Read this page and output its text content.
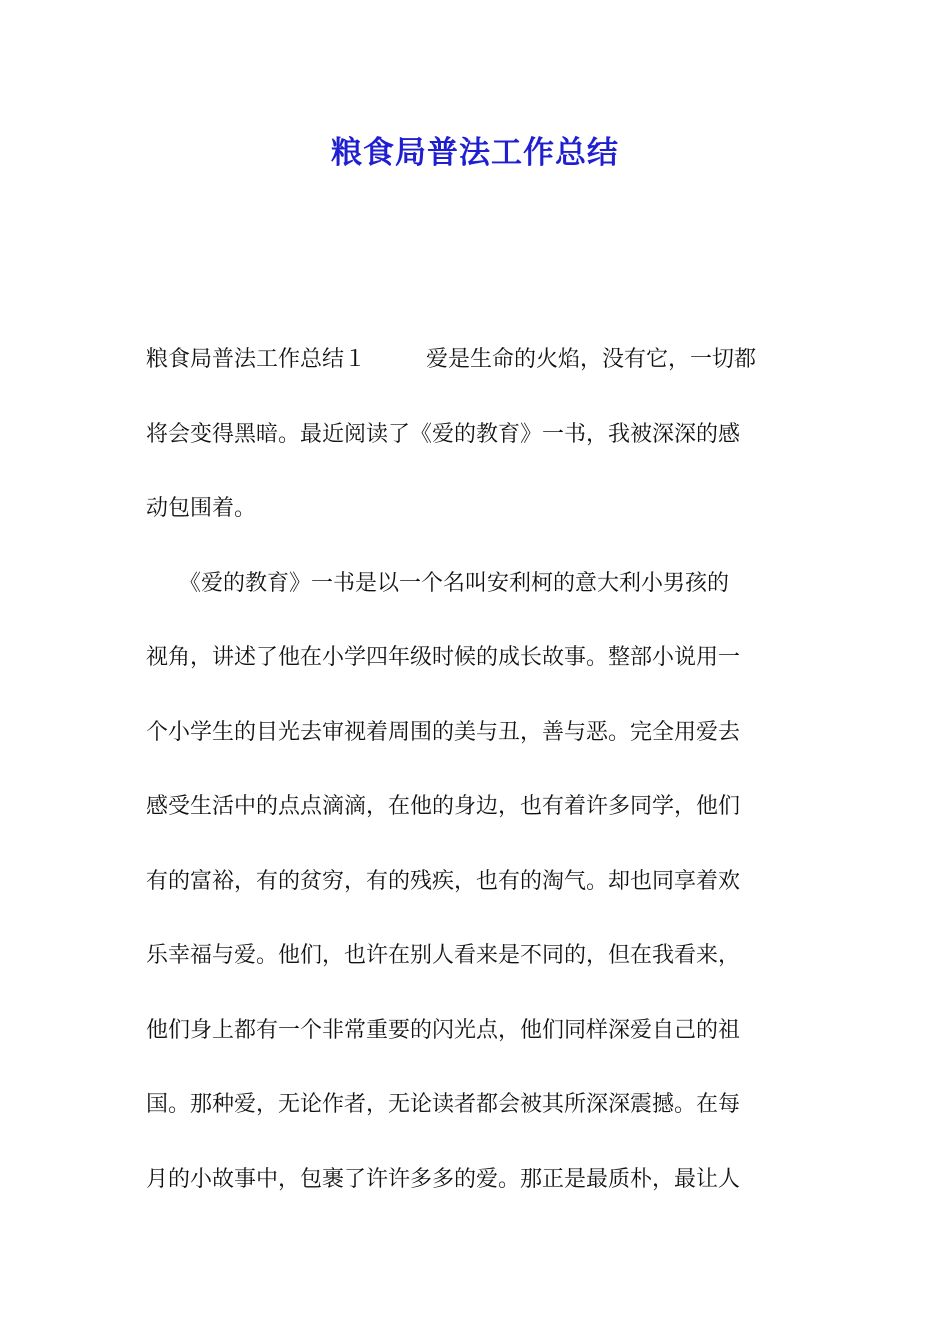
粮食局普法工作总结
粮食局普法工作总结１	爱是生命的火焰，没有它，一切都
将会变得黑暗。最近阅读了《爱的教育》一书，我被深深的感
动包围着。
　　《爱的教育》一书是以一个名叫安利柯的意大利小男孩的
视角，讲述了他在小学四年级时候的成长故事。整部小说用一
个小学生的目光去审视着周围的美与丑，善与恶。完全用爱去
感受生活中的点点滴滴，在他的身边，也有着许多同学，他们
有的富裕，有的贫穷，有的残疾，也有的淘气。却也同享着欢
乐幸福与爱。他们，也许在别人看来是不同的，但在我看来，
他们身上都有一个非常重要的闪光点，他们同样深爱自己的祖
国。那种爱，无论作者，无论读者都会被其所深深震撼。在每
月的小故事中，包裹了许许多多的爱。那正是最质朴，最让人
